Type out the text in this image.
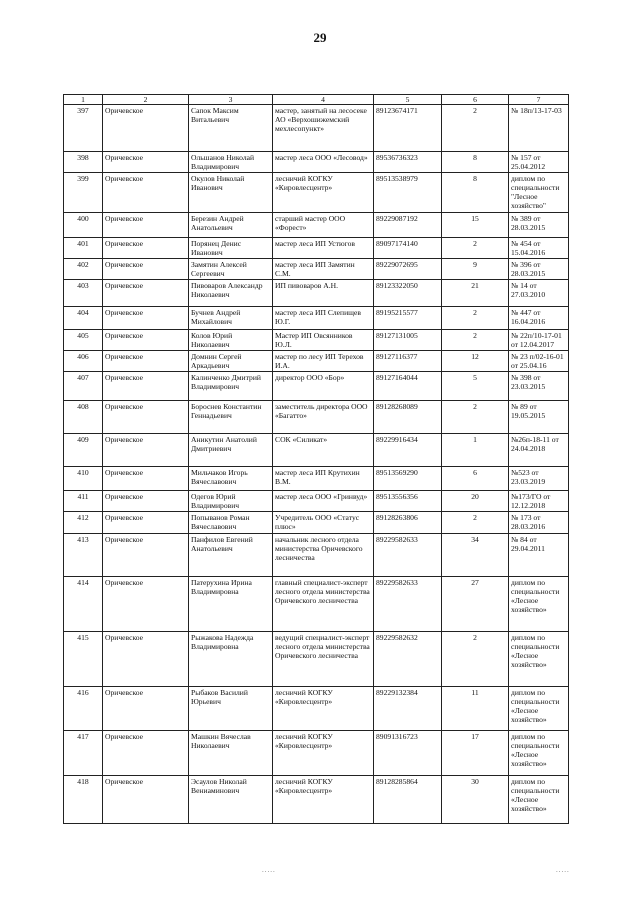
29
1	2	3	4	5	6	7
397	Оричевское	Сапок Максим Витальевич	мастер, занятый на лесосеке АО «Верхошижемский мехлесопункт»	89123674171	2	№ 18п/13-17-03
398	Оричевское	Ольшанов Николай Владимирович	мастер леса ООО «Лесовод»	89536736323	8	№ 157 от 25.04.2012
399	Оричевское	Окулов Николай Иванович	лесничий КОГКУ «Кировлесцентр»	89513538979	8	диплом по специальности "Лесное хозяйство"
400	Оричевское	Березин Андрей Анатольевич	старший мастер ООО «Форест»	89229087192	15	№ 389 от 28.03.2015
401	Оричевское	Порянец Денис Иванович	мастер леса ИП Устюгов	89097174140	2	№ 454 от 15.04.2016
402	Оричевское	Замятин Алексей Сергеевич	мастер леса ИП Замятин С.М.	89229072695	9	№ 396 от 28.03.2015
403	Оричевское	Пивоваров Александр Николаевич	ИП пивоваров А.Н.	89123322050	21	№ 14 от 27.03.2010
404	Оричевское	Бучнев Андрей Михайлович	мастер леса ИП Слепищев Ю.Г.	89195215577	2	№ 447 от 16.04.2016
405	Оричевское	Колов Юрий Николаевич	Мастер ИП Овсянников Ю.Л.	89127131005	2	№ 22п/10-17-01 от 12.04.2017
406	Оричевское	Домнин Сергей Аркадьевич	мастер по лесу ИП Терехов И.А.	89127116377	12	№ 23 п/02-16-01 от 25.04.16
407	Оричевское	Калинченко Дмитрий Владимирович	директор ООО «Бор»	89127164044	5	№ 398 от 23.03.2015
408	Оричевское	Бороснев Константин Геннадьевич	заместитель директора ООО «Багатто»	89128268089	2	№ 89 от 19.05.2015
409	Оричевское	Аникутин Анатолий Дмитриевич	СОК «Силикат»	89229916434	1	№26п-18-11 от 24.04.2018
410	Оричевское	Мильчаков Игорь Вячеславович	мастер леса ИП Крутихин В.М.	89513569290	6	№523 от 23.03.2019
411	Оричевское	Одегов Юрий Владимирович	мастер леса ООО «Гринвуд»	89513556356	20	№173/ГО от 12.12.2018
412	Оричевское	Попыванов Роман Вячеславович	Учредитель ООО «Статус плюс»	89128263806	2	№ 173 от 28.03.2016
413	Оричевское	Панфилов Евгений Анатольевич	начальник лесного отдела министерства Оричевского лесничества	89229582633	34	№ 84 от 29.04.2011
414	Оричевское	Патерухина Ирина Владимировна	главный специалист-эксперт лесного отдела министерства Оричевского лесничества	89229582633	27	диплом по специальности «Лесное хозяйство»
415	Оричевское	Рыжакова Надежда Владимировна	ведущий специалист-эксперт лесного отдела министерства Оричевского лесничества	89229582632	2	диплом по специальности «Лесное хозяйство»
416	Оричевское	Рыбаков Василий Юрьевич	лесничий КОГКУ «Кировлесцентр»	89229132384	11	диплом по специальности «Лесное хозяйство»
417	Оричевское	Машкин Вячеслав Николаевич	лесничий КОГКУ «Кировлесцентр»	89091316723	17	диплом по специальности «Лесное хозяйство»
418	Оричевское	Эсаулов Николай Вениаминович	лесничий КОГКУ «Кировлесцентр»	89128285864	30	диплом по специальности «Лесное хозяйство»
.....	.....
